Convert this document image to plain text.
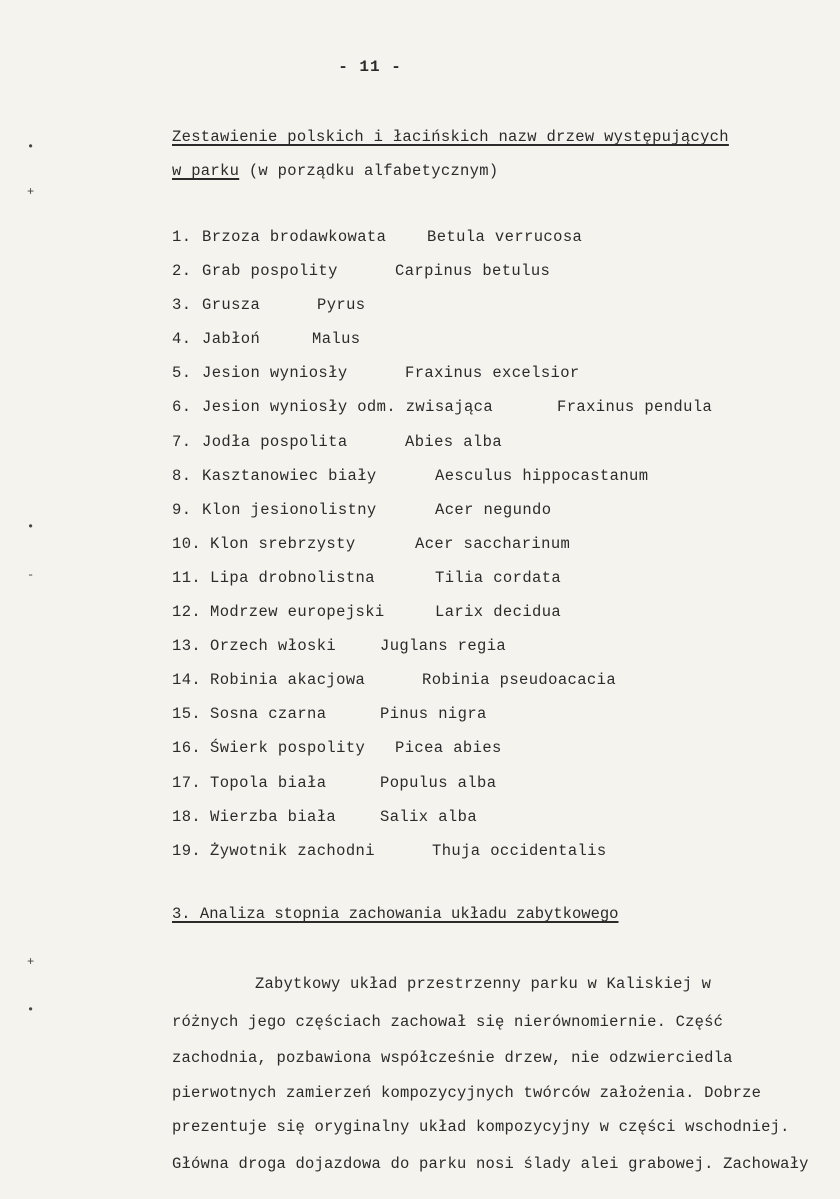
•
+
•
-
+
•
- 11 -
Zestawienie polskich i łacińskich nazw drzew występujących
w parku (w porządku alfabetycznym)
1. Brzoza brodawkowata	Betula verrucosa
2. Grab pospolity	Carpinus betulus
3. Grusza	Pyrus
4. Jabłoń	Malus
5. Jesion wyniosły	Fraxinus excelsior
6. Jesion wyniosły odm. zwisająca	Fraxinus pendula
7. Jodła pospolita	Abies alba
8. Kasztanowiec biały	Aesculus hippocastanum
9. Klon jesionolistny	Acer negundo
10. Klon srebrzysty	Acer saccharinum
11. Lipa drobnolistna	Tilia cordata
12. Modrzew europejski	Larix decidua
13. Orzech włoski	Juglans regia
14. Robinia akacjowa	Robinia pseudoacacia
15. Sosna czarna	Pinus nigra
16. Świerk pospolity Picea abies
17. Topola biała	Populus alba
18. Wierzba biała	Salix alba
19. Żywotnik zachodni	Thuja occidentalis
3. Analiza stopnia zachowania układu zabytkowego
Zabytkowy układ przestrzenny parku w Kaliskiej w
różnych jego częściach zachował się nierównomiernie. Część
zachodnia, pozbawiona współcześnie drzew, nie odzwierciedla
pierwotnych zamierzeń kompozycyjnych twórców założenia. Dobrze
prezentuje się oryginalny układ kompozycyjny w części wschodniej.
Główna droga dojazdowa do parku nosi ślady alei grabowej. Zachowały
